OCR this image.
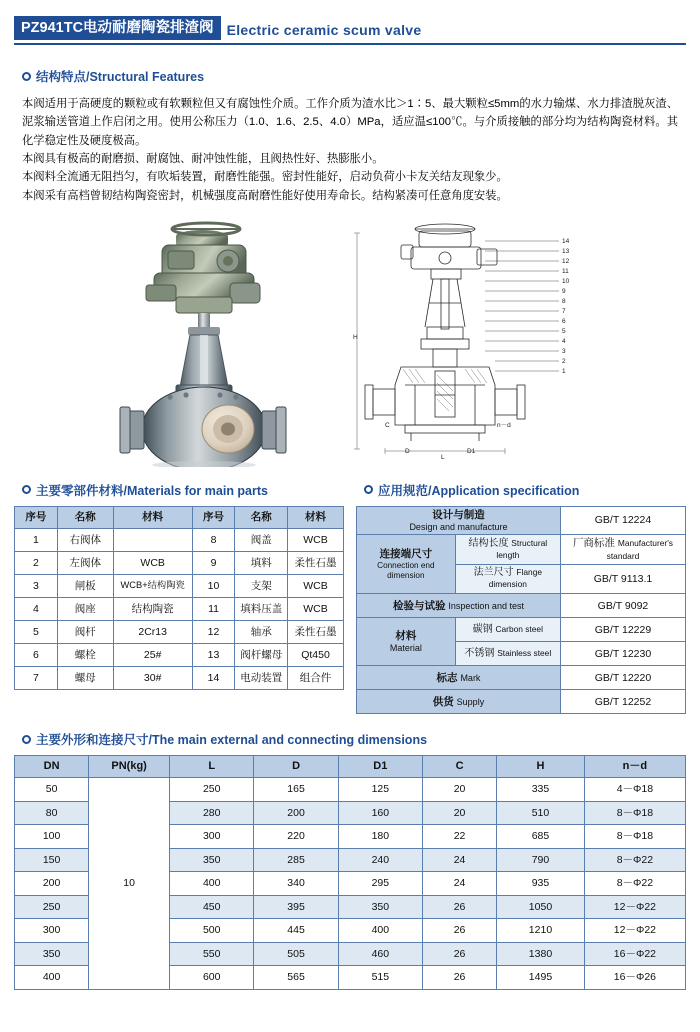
PZ941TC电动耐磨陶瓷排渣阀 Electric ceramic scum valve
结构特点/Structural Features

本阀适用于高硬度的颗粒或有软颗粒但又有腐蚀性介质。工作介质为渣水比＞1∶5、最大颗粒≤5mm的水力输煤、水力排渣脱灰渣、泥浆输送管道上作启闭之用。使用公称压力（1.0、1.6、2.5、4.0）MPa，适应温≤100℃。与介质接触的部分均为结构陶瓷材料。其化学稳定性及硬度极高。

本阀具有极高的耐磨损、耐腐蚀、耐冲蚀性能，且阀热性好、热膨胀小。

本阀料全流通无阻挡匀，有吹垢装置，耐磨性能强。密封性能好，启动负荷小卡友关结友现象少。

本阀采有高档曾韧结构陶瓷密封，机械强度高耐磨性能好使用寿命长。结构紧凑可任意角度安装。

14
13
12
11
10
9
8
7
6
5
4
3
2
1
H
L
D	D1
C	n－d
主要零部件材料/Materials for main parts
序号	名称	材料	序号	名称	材料
1	右阀体		8	阀盖	WCB
2	左阀体	WCB	9	填料	柔性石墨
3	闸板	WCB+结构陶瓷	10	支架	WCB
4	阀座	结构陶瓷	11	填料压盖	WCB
5	阀杆	2Cr13	12	轴承	柔性石墨
6	螺栓	25#	13	阀杆螺母	Qt450
7	螺母	30#	14	电动装置	组合件
应用规范/Application specification
设计与制造
Design and manufacture		GB/T 12224

连接端尺寸
Connection end dimension	结构长度 Structural length	厂商标准 Manufacturer's standard
	法兰尺寸 Flange dimension	GB/T 9113.1
检验与试验 Inspection and test		GB/T 9092

材料
Material	碳钢 Carbon steel	GB/T 12229
	不锈钢 Stainless steel	GB/T 12230
标志 Mark		GB/T 12220
供货 Supply		GB/T 12252
主要外形和连接尺寸/The main external and connecting dimensions
DN	PN(kg)	L	D	D1	C	H	n－d
50	10	250	165	125	20	335	4－Φ18
80		280	200	160	20	510	8－Φ18
100		300	220	180	22	685	8－Φ18
150		350	285	240	24	790	8－Φ22
200		400	340	295	24	935	8－Φ22
250		450	395	350	26	1050	12－Φ22
300		500	445	400	26	1210	12－Φ22
350		550	505	460	26	1380	16－Φ22
400		600	565	515	26	1495	16－Φ26
